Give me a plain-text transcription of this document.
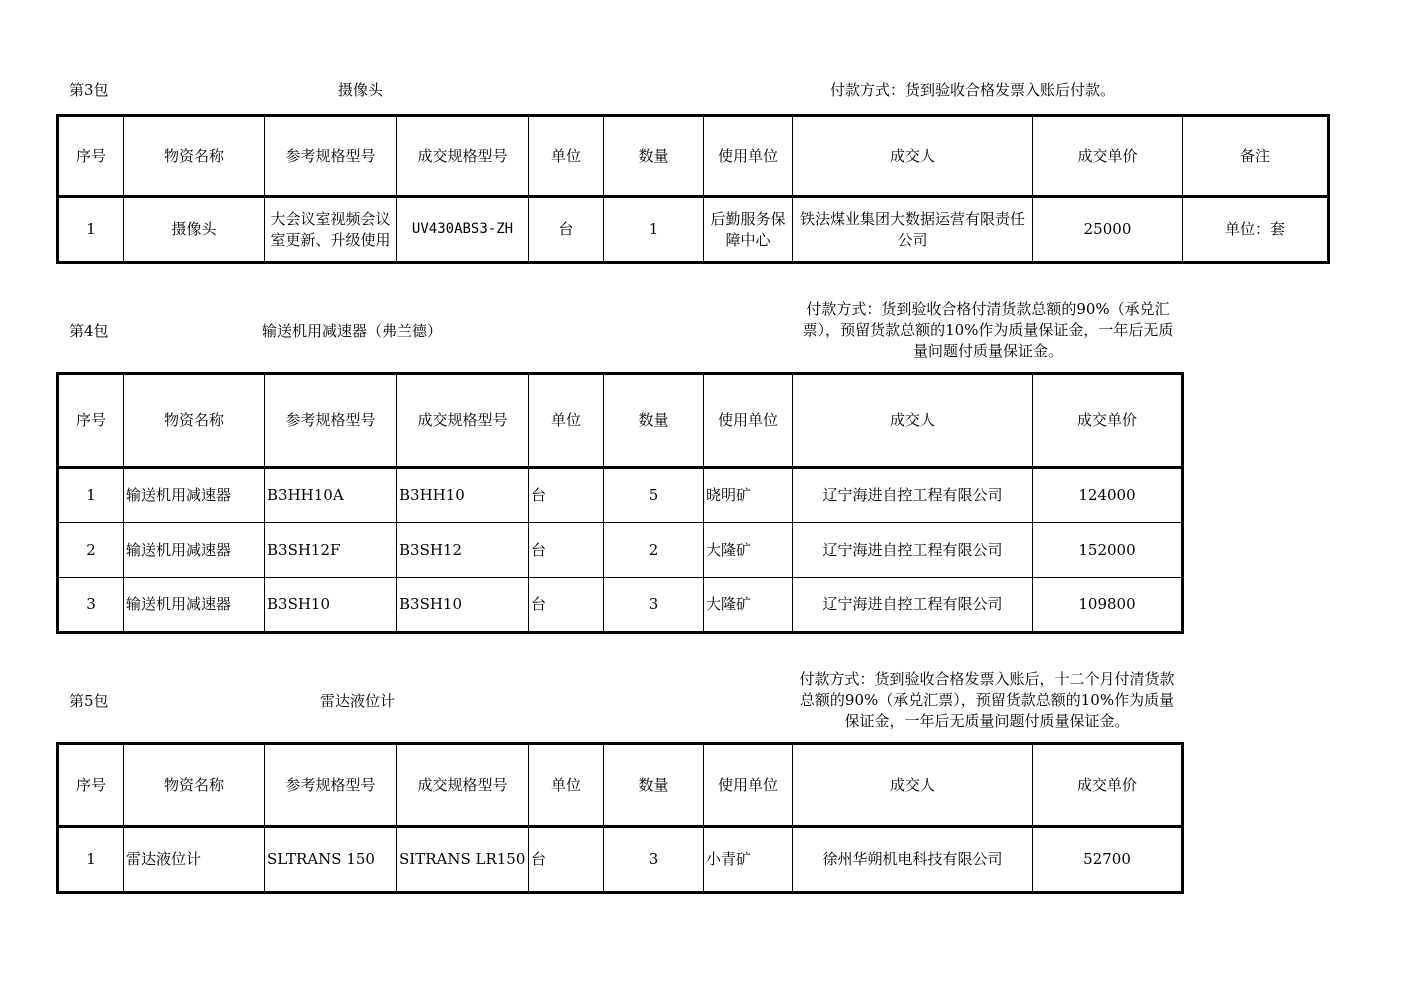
第3包	摄像头	付款方式：货到验收合格发票入账后付款。
序号	物资名称	参考规格型号	成交规格型号	单位	数量	使用单位	成交人	成交单价	备注
1	摄像头	大会议室视频会议室更新、升级使用	UV430ABS3-ZH	台	1	后勤服务保障中心	铁法煤业集团大数据运营有限责任公司	25000	单位：套
第4包	输送机用减速器（弗兰德）
付款方式：货到验收合格付清货款总额的90%（承兑汇票），预留货款总额的10%作为质量保证金，一年后无质量问题付质量保证金。
序号	物资名称	参考规格型号	成交规格型号	单位	数量	使用单位	成交人	成交单价
1	输送机用减速器	B3HH10A	B3HH10	台	5	晓明矿	辽宁海进自控工程有限公司	124000
2	输送机用减速器	B3SH12F	B3SH12	台	2	大隆矿	辽宁海进自控工程有限公司	152000
3	输送机用减速器	B3SH10	B3SH10	台	3	大隆矿	辽宁海进自控工程有限公司	109800
第5包	雷达液位计
付款方式：货到验收合格发票入账后，十二个月付清货款总额的90%（承兑汇票），预留货款总额的10%作为质量保证金，一年后无质量问题付质量保证金。
序号	物资名称	参考规格型号	成交规格型号	单位	数量	使用单位	成交人	成交单价
1	雷达液位计	SLTRANS 150	SITRANS LR150	台	3	小青矿	徐州华朔机电科技有限公司	52700
